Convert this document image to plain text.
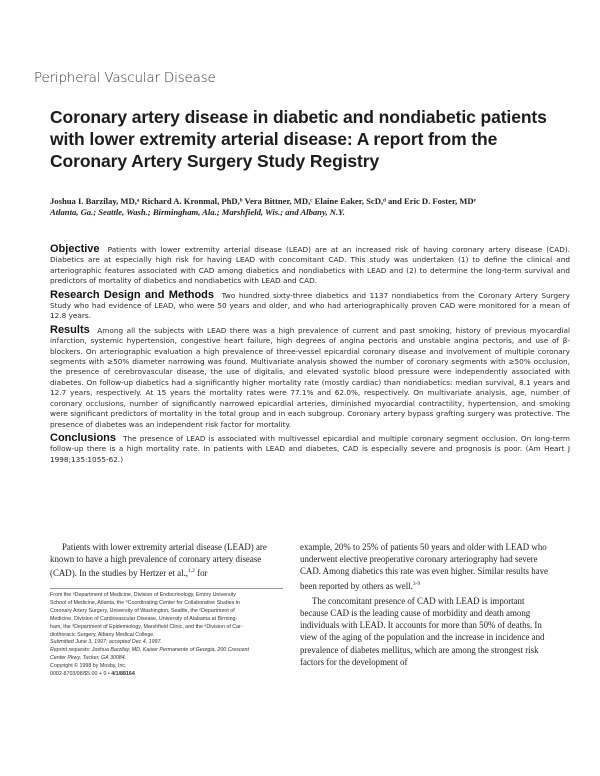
Peripheral Vascular Disease
Coronary artery disease in diabetic and nondiabetic patients with lower extremity arterial disease: A report from the Coronary Artery Surgery Study Registry
Joshua I. Barzilay, MD,ᵃ Richard A. Kronmal, PhD,ᵇ Vera Bittner, MD,ᶜ Elaine Eaker, ScD,ᵈ and Eric D. Foster, MDᵉ
Atlanta, Ga.; Seattle, Wash.; Birmingham, Ala.; Marshfield, Wis.; and Albany, N.Y.

Objective Patients with lower extremity arterial disease (LEAD) are at an increased risk of having coronary artery disease (CAD). Diabetics are at especially high risk for having LEAD with concomitant CAD. This study was undertaken (1) to define the clinical and arteriographic features associated with CAD among diabetics and nondiabetics with LEAD and (2) to determine the long-term survival and predictors of mortality of diabetics and nondiabetics with LEAD and CAD.

Research Design and Methods Two hundred sixty-three diabetics and 1137 nondiabetics from the Coronary Artery Surgery Study who had evidence of LEAD, who were 50 years and older, and who had arteriographically proven CAD were monitored for a mean of 12.8 years.

Results Among all the subjects with LEAD there was a high prevalence of current and past smoking, history of previous myocardial infarction, systemic hypertension, congestive heart failure, high degrees of angina pectoris and unstable angina pectoris, and use of β-blockers. On arteriographic evaluation a high prevalence of three-vessel epicardial coronary disease and involvement of multiple coronary segments with ≥50% diameter narrowing was found. Multivariate analysis showed the number of coronary segments with ≥50% occlusion, the presence of cerebrovascular disease, the use of digitalis, and elevated systolic blood pressure were independently associated with diabetes. On follow-up diabetics had a significantly higher mortality rate (mostly cardiac) than nondiabetics: median survival, 8.1 years and 12.7 years, respectively. At 15 years the mortality rates were 77.1% and 62.0%, respectively. On multivariate analysis, age, number of coronary occlusions, number of significantly narrowed epicardial arteries, diminished myocardial contractility, hypertension, and smoking were significant predictors of mortality in the total group and in each subgroup. Coronary artery bypass grafting surgery was protective. The presence of diabetes was an independent risk factor for mortality.

Conclusions The presence of LEAD is associated with multivessel epicardial and multiple coronary segment occlusion. On long-term follow-up there is a high mortality rate. In patients with LEAD and diabetes, CAD is especially severe and prognosis is poor. (Am Heart J 1998;135:1055-62.)

Patients with lower extremity arterial disease (LEAD) are known to have a high prevalence of coronary artery disease (CAD). In the studies by Hertzer et al.,$^{1,2}$ for

From the ᵃDepartment of Medicine, Division of Endocrinology, Emory University
School of Medicine, Atlanta, the ᵇCoordinating Center for Collaborative Studies in
Coronary Artery Surgery, University of Washington, Seattle, the ᶜDepartment of
Medicine, Division of Cardiovascular Disease, University of Alabama at Birming-
ham, the ᵈDepartment of Epidemiology, Marshfield Clinic, and the ᵉDivision of Car-
diothoracic Surgery, Albany Medical College.
Submitted June 3, 1997; accepted Dec 4, 1997.
Reprint requests: Joshua Barzilay, MD, Kaiser Permanente of Georgia, 200 Crescent
Center Pkwy, Tucker, GA 30084.
Copyright © 1998 by Mosby, Inc.
0002-8703/98/$5.00 + 0 • 4/1/88164

example, 20% to 25% of patients 50 years and older with LEAD who underwent elective preoperative coronary arteriography had severe CAD. Among diabetics this rate was even higher. Similar results have been reported by others as well.$^{3-9}$

The concomitant presence of CAD with LEAD is important because CAD is the leading cause of morbidity and death among individuals with LEAD. It accounts for more than 50% of deaths. In view of the aging of the population and the increase in incidence and prevalence of diabetes mellitus, which are among the strongest risk factors for the development of
